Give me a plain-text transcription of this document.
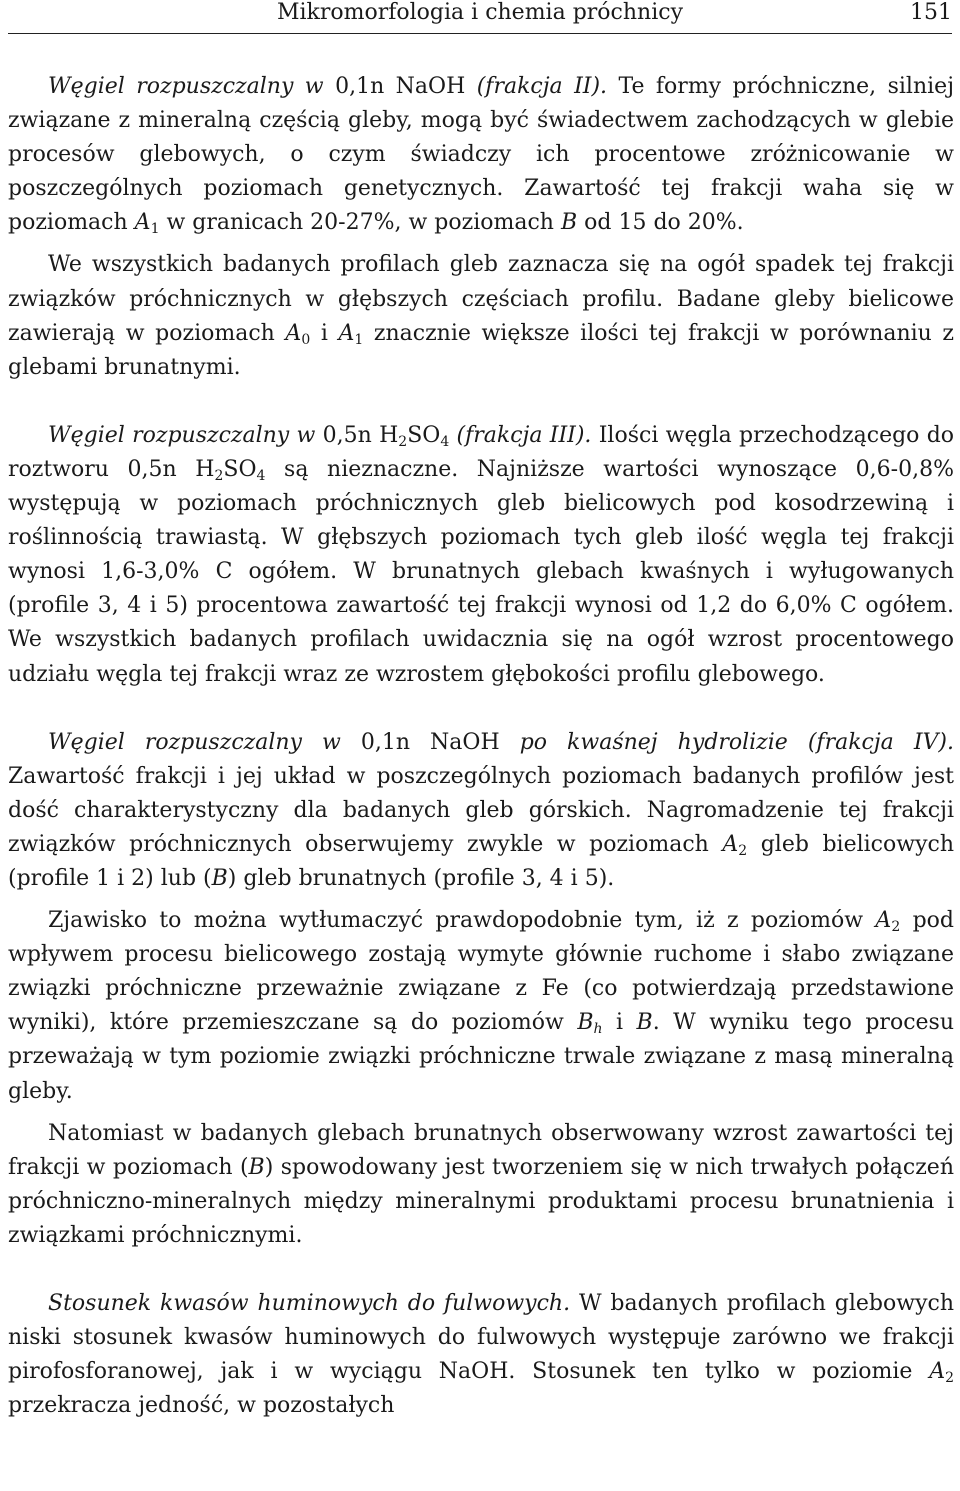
Mikromorfologia i chemia próchnicy	151

Węgiel rozpuszczalny w 0,1n NaOH (frakcja II). Te formy próchniczne, silniej związane z mineralną częścią gleby, mogą być świadectwem zachodzących w glebie procesów glebowych, o czym świadczy ich procentowe zróżnicowanie w poszczególnych poziomach genetycznych. Zawartość tej frakcji waha się w poziomach $A_1$ w granicach 20-27%, w poziomach B od 15 do 20%.

We wszystkich badanych profilach gleb zaznacza się na ogół spadek tej frakcji związków próchnicznych w głębszych częściach profilu. Badane gleby bielicowe zawierają w poziomach $A_0$ i $A_1$ znacznie większe ilości tej frakcji w porównaniu z glebami brunatnymi.

Węgiel rozpuszczalny w 0,5n $H_2SO_4$ (frakcja III). Ilości węgla przechodzącego do roztworu 0,5n $H_2SO_4$ są nieznaczne. Najniższe wartości wynoszące 0,6-0,8% występują w poziomach próchnicznych gleb bielicowych pod kosodrzewiną i roślinnością trawiastą. W głębszych poziomach tych gleb ilość węgla tej frakcji wynosi 1,6-3,0% C ogółem. W brunatnych glebach kwaśnych i wyługowanych (profile 3, 4 i 5) procentowa zawartość tej frakcji wynosi od 1,2 do 6,0% C ogółem. We wszystkich badanych profilach uwidacznia się na ogół wzrost procentowego udziału węgla tej frakcji wraz ze wzrostem głębokości profilu glebowego.

Węgiel rozpuszczalny w 0,1n NaOH po kwaśnej hydrolizie (frakcja IV). Zawartość frakcji i jej układ w poszczególnych poziomach badanych profilów jest dość charakterystyczny dla badanych gleb górskich. Nagromadzenie tej frakcji związków próchnicznych obserwujemy zwykle w poziomach $A_2$ gleb bielicowych (profile 1 i 2) lub (B) gleb brunatnych (profile 3, 4 i 5).

Zjawisko to można wytłumaczyć prawdopodobnie tym, iż z poziomów $A_2$ pod wpływem procesu bielicowego zostają wymyte głównie ruchome i słabo związane związki próchniczne przeważnie związane z Fe (co potwierdzają przedstawione wyniki), które przemieszczane są do poziomów $B_h$ i B. W wyniku tego procesu przeważają w tym poziomie związki próchniczne trwale związane z masą mineralną gleby.

Natomiast w badanych glebach brunatnych obserwowany wzrost zawartości tej frakcji w poziomach (B) spowodowany jest tworzeniem się w nich trwałych połączeń próchniczno-mineralnych między mineralnymi produktami procesu brunatnienia i związkami próchnicznymi.

Stosunek kwasów huminowych do fulwowych. W badanych profilach glebowych niski stosunek kwasów huminowych do fulwowych występuje zarówno we frakcji pirofosforanowej, jak i w wyciągu NaOH. Stosunek ten tylko w poziomie $A_2$ przekracza jedność, w pozostałych
